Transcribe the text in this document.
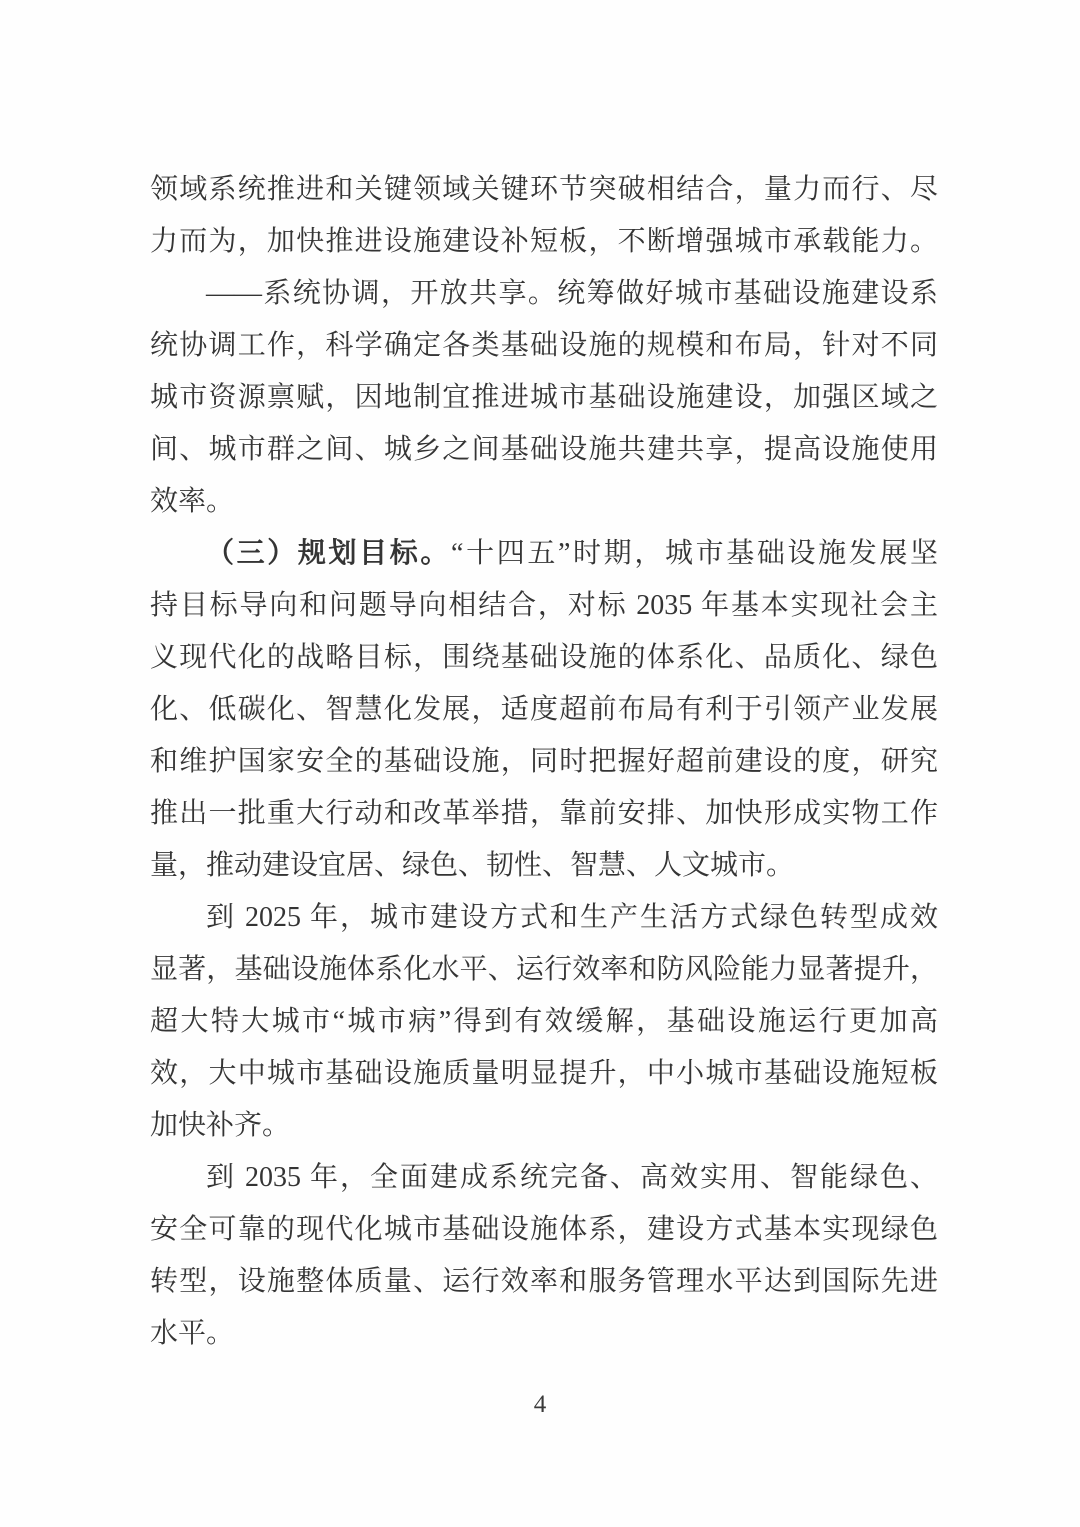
领域系统推进和关键领域关键环节突破相结合，量力而行、尽
力而为，加快推进设施建设补短板，不断增强城市承载能力。
——系统协调，开放共享。统筹做好城市基础设施建设系
统协调工作，科学确定各类基础设施的规模和布局，针对不同
城市资源禀赋，因地制宜推进城市基础设施建设，加强区域之
间、城市群之间、城乡之间基础设施共建共享，提高设施使用
效率。
（三）规划目标。“十四五”时期，城市基础设施发展坚
持目标导向和问题导向相结合，对标 2035 年基本实现社会主
义现代化的战略目标，围绕基础设施的体系化、品质化、绿色
化、低碳化、智慧化发展，适度超前布局有利于引领产业发展
和维护国家安全的基础设施，同时把握好超前建设的度，研究
推出一批重大行动和改革举措，靠前安排、加快形成实物工作
量，推动建设宜居、绿色、韧性、智慧、人文城市。
到 2025 年，城市建设方式和生产生活方式绿色转型成效
显著，基础设施体系化水平、运行效率和防风险能力显著提升，
超大特大城市“城市病”得到有效缓解，基础设施运行更加高
效，大中城市基础设施质量明显提升，中小城市基础设施短板
加快补齐。
到 2035 年，全面建成系统完备、高效实用、智能绿色、
安全可靠的现代化城市基础设施体系，建设方式基本实现绿色
转型，设施整体质量、运行效率和服务管理水平达到国际先进
水平。
4
